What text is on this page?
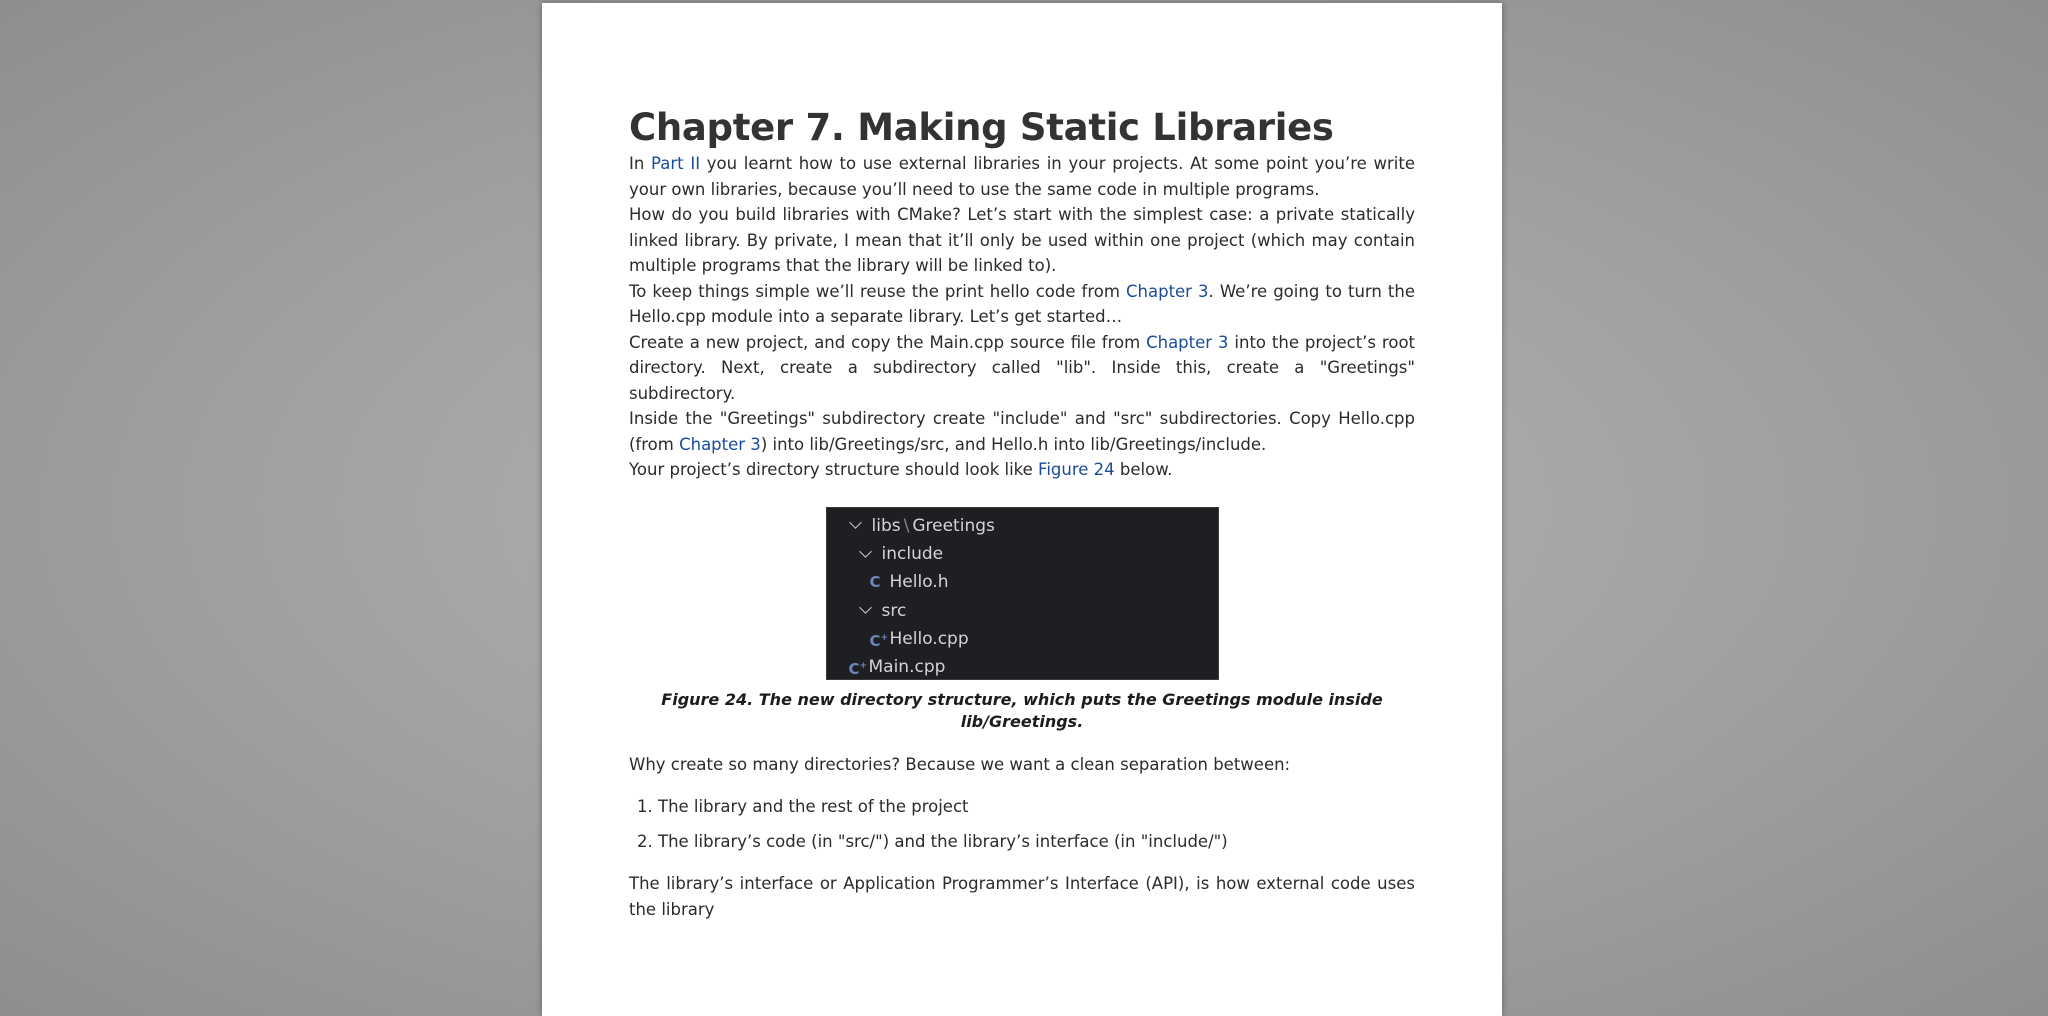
Chapter 7. Making Static Libraries

In Part II you learnt how to use external libraries in your projects. At some point you’re write your own libraries, because you’ll need to use the same code in multiple programs.

How do you build libraries with CMake? Let’s start with the simplest case: a private statically linked library. By private, I mean that it’ll only be used within one project (which may contain multiple programs that the library will be linked to).

To keep things simple we’ll reuse the print hello code from Chapter 3. We’re going to turn the Hello.cpp module into a separate library. Let’s get started…

Create a new project, and copy the Main.cpp source file from Chapter 3 into the project’s root directory. Next, create a subdirectory called "lib". Inside this, create a "Greetings" subdirectory.

Inside the "Greetings" subdirectory create "include" and "src" subdirectories. Copy Hello.cpp (from Chapter 3) into lib/Greetings/src, and Hello.h into lib/Greetings/include.

Your project’s directory structure should look like Figure 24 below.

libs \ Greetings
include
C Hello.h
src
C+ Hello.cpp
C+ Main.cpp
Figure 24. The new directory structure, which puts the Greetings module inside lib/Greetings.

Why create so many directories? Because we want a clean separation between:

1. The library and the rest of the project
2. The library’s code (in "src/") and the library’s interface (in "include/")

The library’s interface or Application Programmer’s Interface (API), is how external code uses the library
